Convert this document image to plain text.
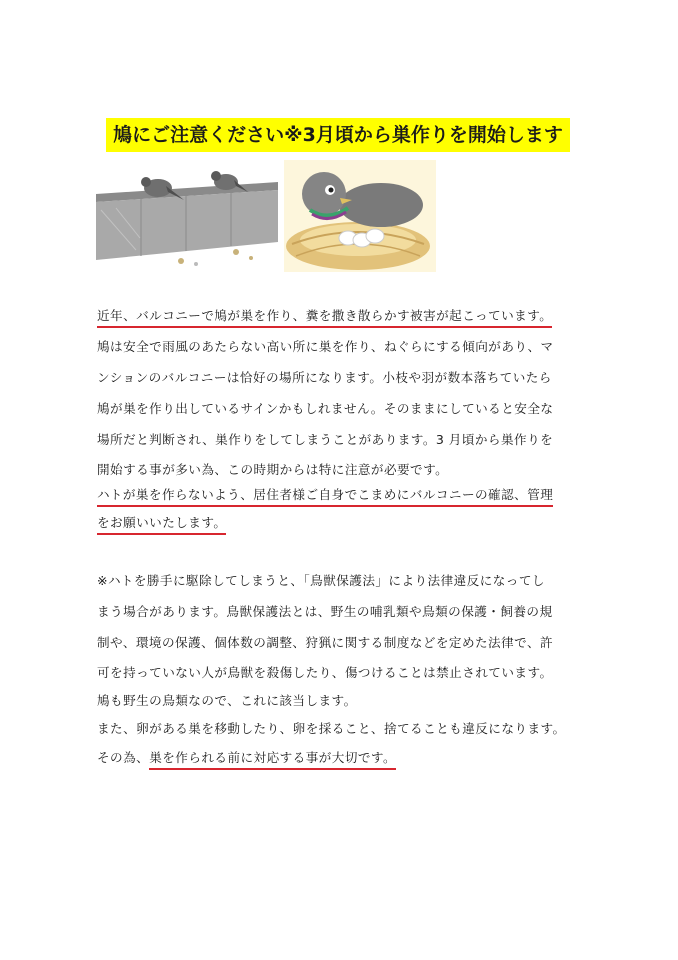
鳩にご注意ください※3月頃から巣作りを開始します
近年、バルコニーで鳩が巣を作り、糞を撒き散らかす被害が起こっています。
鳩は安全で雨風のあたらない高い所に巣を作り、ねぐらにする傾向があり、マ
ンションのバルコニーは恰好の場所になります。小枝や羽が数本落ちていたら
鳩が巣を作り出しているサインかもしれません。そのままにしていると安全な
場所だと判断され、巣作りをしてしまうことがあります。3 月頃から巣作りを
開始する事が多い為、この時期からは特に注意が必要です。
ハトが巣を作らないよう、居住者様ご自身でこまめにバルコニーの確認、管理
をお願いいたします。
※ハトを勝手に駆除してしまうと、「鳥獣保護法」により法律違反になってし
まう場合があります。鳥獣保護法とは、野生の哺乳類や鳥類の保護・飼養の規
制や、環境の保護、個体数の調整、狩猟に関する制度などを定めた法律で、許
可を持っていない人が鳥獣を殺傷したり、傷つけることは禁止されています。
鳩も野生の鳥類なので、これに該当します。
また、卵がある巣を移動したり、卵を採ること、捨てることも違反になります。
その為、巣を作られる前に対応する事が大切です。
